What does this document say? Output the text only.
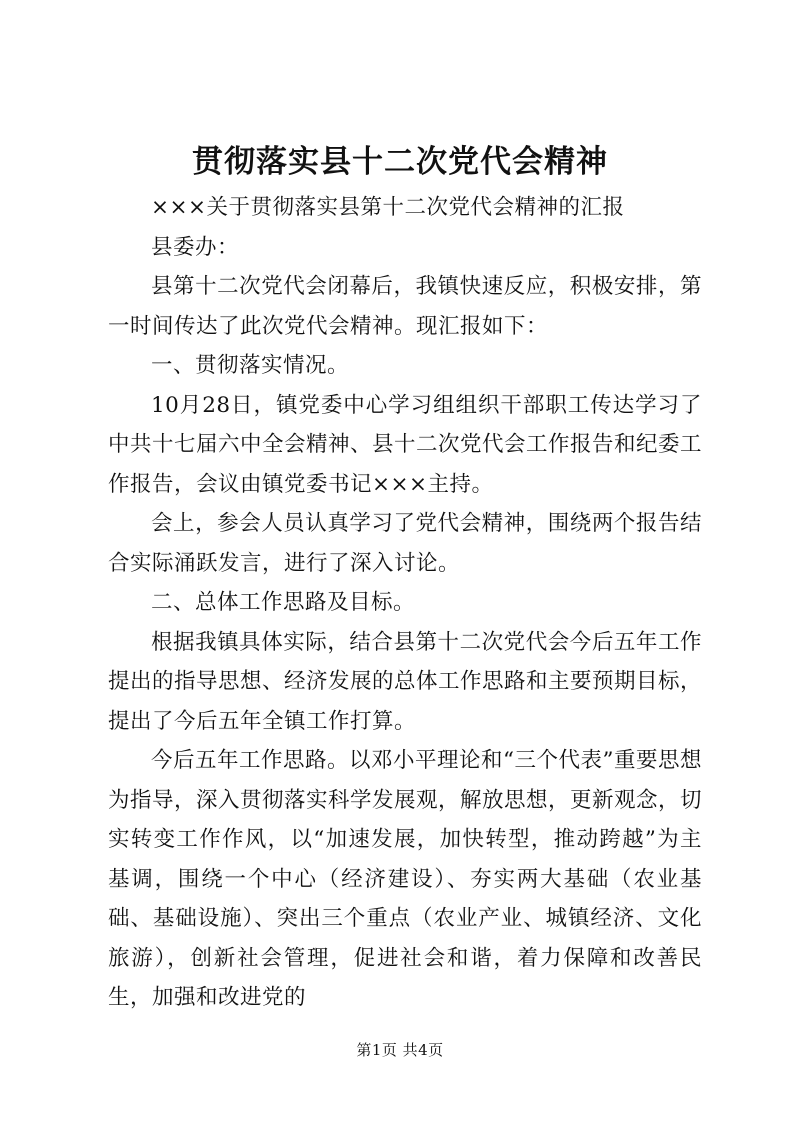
贯彻落实县十二次党代会精神

×××关于贯彻落实县第十二次党代会精神的汇报

县委办：

县第十二次党代会闭幕后，我镇快速反应，积极安排，第一时间传达了此次党代会精神。现汇报如下：

一、贯彻落实情况。

10月28日，镇党委中心学习组组织干部职工传达学习了中共十七届六中全会精神、县十二次党代会工作报告和纪委工作报告，会议由镇党委书记×××主持。

会上，参会人员认真学习了党代会精神，围绕两个报告结合实际涌跃发言，进行了深入讨论。

二、总体工作思路及目标。

根据我镇具体实际，结合县第十二次党代会今后五年工作提出的指导思想、经济发展的总体工作思路和主要预期目标，提出了今后五年全镇工作打算。

今后五年工作思路。以邓小平理论和“三个代表”重要思想为指导，深入贯彻落实科学发展观，解放思想，更新观念，切实转变工作作风，以“加速发展，加快转型，推动跨越”为主基调，围绕一个中心（经济建设）、夯实两大基础（农业基础、基础设施）、突出三个重点（农业产业、城镇经济、文化旅游），创新社会管理，促进社会和谐，着力保障和改善民生，加强和改进党的

第1页 共4页
